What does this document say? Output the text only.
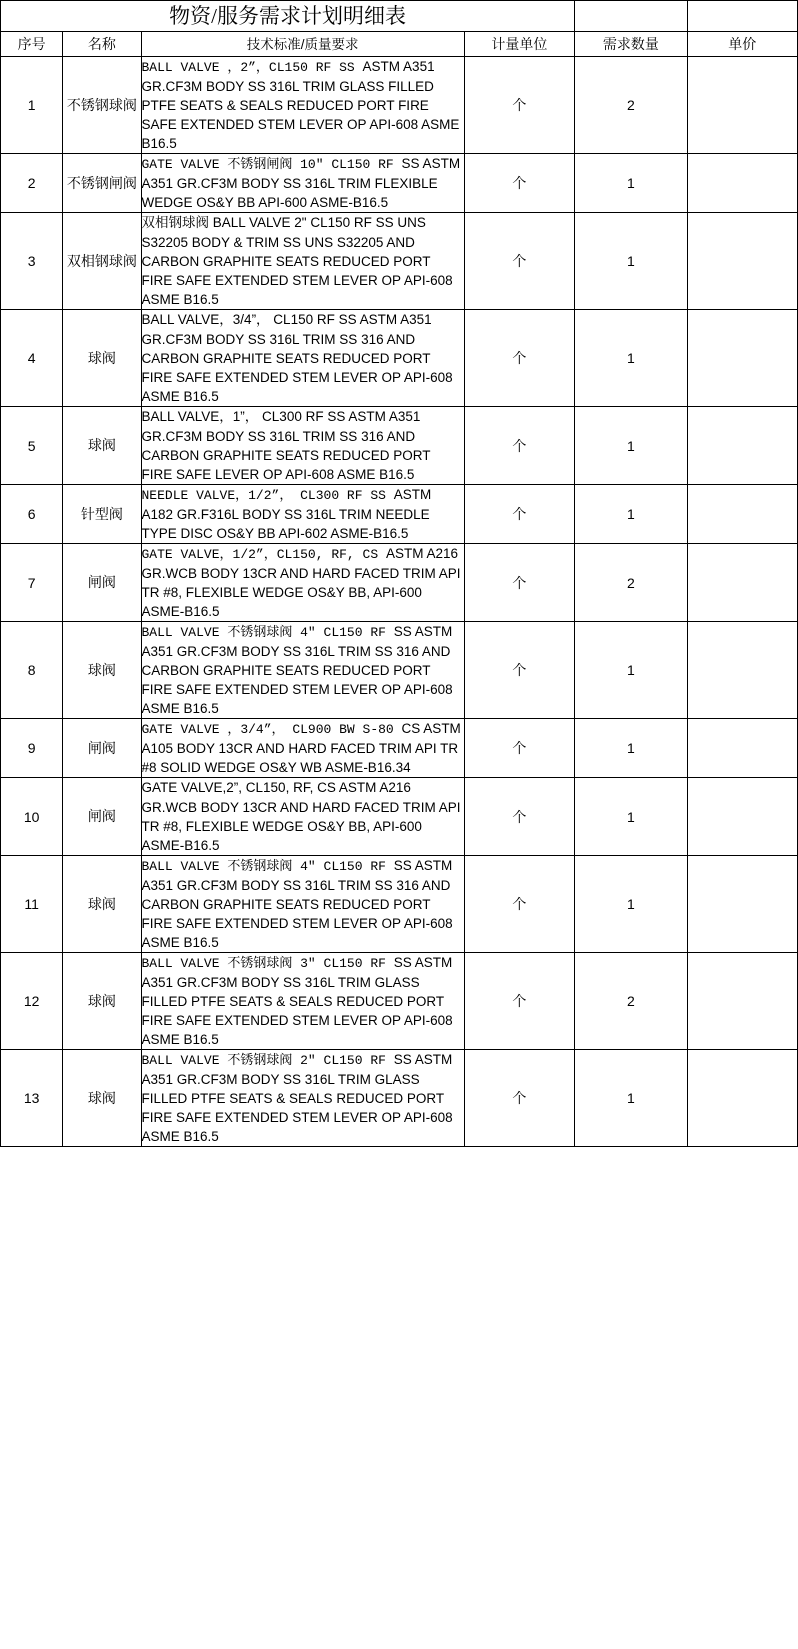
物资/服务需求计划明细表					
序号	名称	技术标准/质量要求	计量单位	需求数量	单价
1	不锈钢球阀	BALL VALVE ，2”，CL150 RF SS ASTM A351 GR.CF3M BODY SS 316L TRIM GLASS FILLED PTFE SEATS & SEALS REDUCED PORT FIRE SAFE EXTENDED STEM LEVER OP API-608 ASME B16.5	个	2	
2	不锈钢闸阀	GATE VALVE 不锈钢闸阀 10" CL150 RF SS ASTM A351 GR.CF3M BODY SS 316L TRIM FLEXIBLE WEDGE OS&Y BB API-600 ASME-B16.5	个	1	
3	双相钢球阀	双相钢球阀 BALL VALVE 2" CL150 RF SS UNS S32205 BODY & TRIM SS UNS S32205 AND CARBON GRAPHITE SEATS REDUCED PORT FIRE SAFE EXTENDED STEM LEVER OP API-608 ASME B16.5	个	1	
4	球阀	BALL VALVE，3/4”， CL150 RF SS ASTM A351 GR.CF3M BODY SS 316L TRIM SS 316 AND CARBON GRAPHITE SEATS REDUCED PORT FIRE SAFE EXTENDED STEM LEVER OP API-608 ASME B16.5	个	1	
5	球阀	BALL VALVE，1”， CL300 RF SS ASTM A351 GR.CF3M BODY SS 316L TRIM SS 316 AND CARBON GRAPHITE SEATS REDUCED PORT FIRE SAFE LEVER OP API-608 ASME B16.5	个	1	
6	针型阀	NEEDLE VALVE，1/2”， CL300 RF SS ASTM A182 GR.F316L BODY SS 316L TRIM NEEDLE TYPE DISC OS&Y BB API-602 ASME-B16.5	个	1	
7	闸阀	GATE VALVE，1/2”，CL150, RF, CS ASTM A216 GR.WCB BODY 13CR AND HARD FACED TRIM API TR #8, FLEXIBLE WEDGE OS&Y BB, API-600 ASME-B16.5	个	2	
8	球阀	BALL VALVE 不锈钢球阀 4" CL150 RF SS ASTM A351 GR.CF3M BODY SS 316L TRIM SS 316 AND CARBON GRAPHITE SEATS REDUCED PORT FIRE SAFE EXTENDED STEM LEVER OP API-608 ASME B16.5	个	1	
9	闸阀	GATE VALVE ，3/4”， CL900 BW S-80 CS ASTM A105 BODY 13CR AND HARD FACED TRIM API TR #8 SOLID WEDGE OS&Y WB ASME-B16.34	个	1	
10	闸阀	GATE VALVE,2”, CL150, RF, CS ASTM A216 GR.WCB BODY 13CR AND HARD FACED TRIM API TR #8, FLEXIBLE WEDGE OS&Y BB, API-600 ASME-B16.5	个	1	
11	球阀	BALL VALVE 不锈钢球阀 4" CL150 RF SS ASTM A351 GR.CF3M BODY SS 316L TRIM SS 316 AND CARBON GRAPHITE SEATS REDUCED PORT FIRE SAFE EXTENDED STEM LEVER OP API-608 ASME B16.5	个	1	
12	球阀	BALL VALVE 不锈钢球阀 3" CL150 RF SS ASTM A351 GR.CF3M BODY SS 316L TRIM GLASS FILLED PTFE SEATS & SEALS REDUCED PORT FIRE SAFE EXTENDED STEM LEVER OP API-608 ASME B16.5	个	2	
13	球阀	BALL VALVE 不锈钢球阀 2" CL150 RF SS ASTM A351 GR.CF3M BODY SS 316L TRIM GLASS FILLED PTFE SEATS & SEALS REDUCED PORT FIRE SAFE EXTENDED STEM LEVER OP API-608 ASME B16.5	个	1	
